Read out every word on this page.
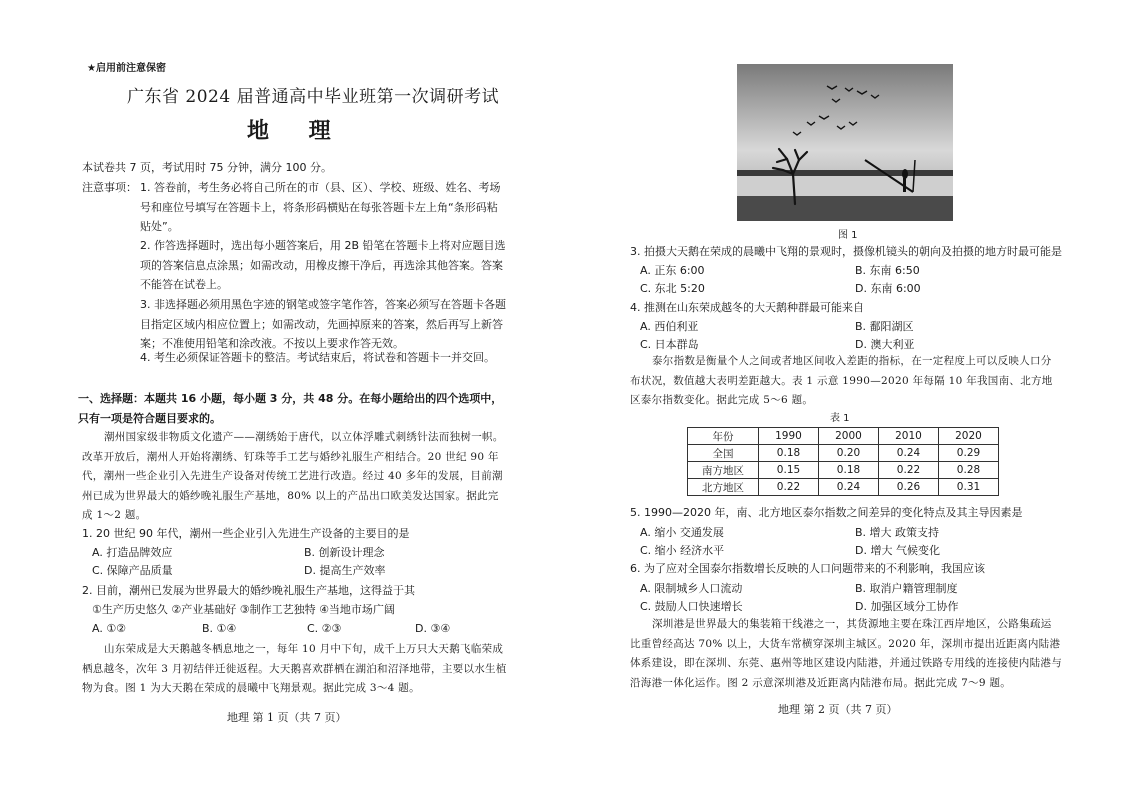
★启用前注意保密
广东省 2024 届普通高中毕业班第一次调研考试
地 理
本试卷共 7 页，考试用时 75 分钟，满分 100 分。
注意事项： 1. 答卷前，考生务必将自己所在的市（县、区）、学校、班级、姓名、考场号和座位号填写在答题卡上，将条形码横贴在每张答题卡左上角“条形码粘贴处”。
2. 作答选择题时，选出每小题答案后，用 2B 铅笔在答题卡上将对应题目选项的答案信息点涂黑；如需改动，用橡皮擦干净后，再选涂其他答案。答案不能答在试卷上。
3. 非选择题必须用黑色字迹的钢笔或签字笔作答，答案必须写在答题卡各题目指定区域内相应位置上；如需改动，先画掉原来的答案，然后再写上新答案；不准使用铅笔和涂改液。不按以上要求作答无效。
4. 考生必须保证答题卡的整洁。考试结束后，将试卷和答题卡一并交回。
一、选择题：本题共 16 小题，每小题 3 分，共 48 分。在每小题给出的四个选项中，只有一项是符合题目要求的。
潮州国家级非物质文化遗产——潮绣始于唐代，以立体浮雕式刺绣针法而独树一帜。改革开放后，潮州人开始将潮绣、钉珠等手工艺与婚纱礼服生产相结合。20 世纪 90 年代，潮州一些企业引入先进生产设备对传统工艺进行改造。经过 40 多年的发展，目前潮州已成为世界最大的婚纱晚礼服生产基地，80% 以上的产品出口欧美发达国家。据此完成 1～2 题。
1. 20 世纪 90 年代，潮州一些企业引入先进生产设备的主要目的是
A. 打造品牌效应	B. 创新设计理念
C. 保障产品质量	D. 提高生产效率
2. 目前，潮州已发展为世界最大的婚纱晚礼服生产基地，这得益于其
①生产历史悠久 ②产业基础好 ③制作工艺独特 ④当地市场广阔
A. ①②	B. ①④	C. ②③	D. ③④
山东荣成是大天鹅越冬栖息地之一，每年 10 月中下旬，成千上万只大天鹅飞临荣成栖息越冬，次年 3 月初结伴迁徙返程。大天鹅喜欢群栖在湖泊和沼泽地带，主要以水生植物为食。图 1 为大天鹅在荣成的晨曦中飞翔景观。据此完成 3～4 题。
地理 第 1 页（共 7 页）
图 1
3. 拍摄大天鹅在荣成的晨曦中飞翔的景观时，摄像机镜头的朝向及拍摄的地方时最可能是
A. 正东 6:00	B. 东南 6:50
C. 东北 5:20	D. 东南 6:00
4. 推测在山东荣成越冬的大天鹅种群最可能来自
A. 西伯利亚	B. 鄱阳湖区
C. 日本群岛	D. 澳大利亚
泰尔指数是衡量个人之间或者地区间收入差距的指标，在一定程度上可以反映人口分布状况，数值越大表明差距越大。表 1 示意 1990—2020 年每隔 10 年我国南、北方地区泰尔指数变化。据此完成 5～6 题。
表 1
年份	1990	2000	2010	2020
全国	0.18	0.20	0.24	0.29
南方地区	0.15	0.18	0.22	0.28
北方地区	0.22	0.24	0.26	0.31
5. 1990—2020 年，南、北方地区泰尔指数之间差异的变化特点及其主导因素是
A. 缩小 交通发展	B. 增大 政策支持
C. 缩小 经济水平	D. 增大 气候变化
6. 为了应对全国泰尔指数增长反映的人口问题带来的不利影响，我国应该
A. 限制城乡人口流动	B. 取消户籍管理制度
C. 鼓励人口快速增长	D. 加强区域分工协作
深圳港是世界最大的集装箱干线港之一，其货源地主要在珠江西岸地区，公路集疏运比重曾经高达 70% 以上，大货车常横穿深圳主城区。2020 年，深圳市提出近距离内陆港体系建设，即在深圳、东莞、惠州等地区建设内陆港，并通过铁路专用线的连接使内陆港与沿海港一体化运作。图 2 示意深圳港及近距离内陆港布局。据此完成 7～9 题。
地理 第 2 页（共 7 页）
